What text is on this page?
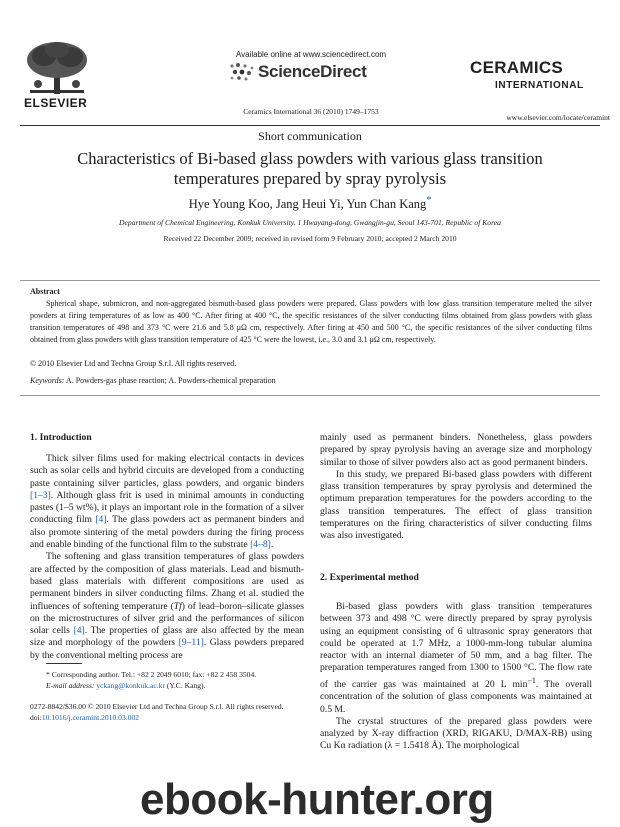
ELSEVIER
Available online at www.sciencedirect.com
ScienceDirect
Ceramics International 36 (2010) 1749–1753
CERAMICS
INTERNATIONAL
www.elsevier.com/locate/ceramint
Short communication
Characteristics of Bi-based glass powders with various glass transition temperatures prepared by spray pyrolysis
Hye Young Koo, Jang Heui Yi, Yun Chan Kang*
Department of Chemical Engineering, Konkuk University, 1 Hwayang-dong, Gwangjin-gu, Seoul 143-701, Republic of Korea
Received 22 December 2009; received in revised form 9 February 2010; accepted 2 March 2010
Abstract
Spherical shape, submicron, and non-aggregated bismuth-based glass powders were prepared. Glass powders with low glass transition temperature melted the silver powders at firing temperatures of as low as 400 °C. After firing at 400 °C, the specific resistances of the silver conducting films obtained from glass powders with glass transition temperatures of 498 and 373 °C were 21.6 and 5.8 μΩ cm, respectively. After firing at 450 and 500 °C, the specific resistances of the silver conducting films obtained from glass powders with glass transition temperature of 425 °C were the lowest, i.e., 3.0 and 3.1 μΩ cm, respectively.
© 2010 Elsevier Ltd and Techna Group S.r.l. All rights reserved.
Keywords: A. Powders-gas phase reaction; A. Powders-chemical preparation
1. Introduction

Thick silver films used for making electrical contacts in devices such as solar cells and hybrid circuits are developed from a conducting paste containing silver particles, glass powders, and organic binders [1–3]. Although glass frit is used in minimal amounts in conducting pastes (1–5 wt%), it plays an important role in the formation of a silver conducting film [4]. The glass powders act as permanent binders and also promote sintering of the metal powders during the firing process and enable binding of the functional film to the substrate [4–8].

The softening and glass transition temperatures of glass powders are affected by the composition of glass materials. Lead and bismuth-based glass materials with different compositions are used as permanent binders in silver conducting films. Zhang et al. studied the influences of softening temperature (Tf) of lead–boron–silicate glasses on the microstructures of silver grid and the performances of silicon solar cells [4]. The properties of glass are also affected by the mean size and morphology of the powders [9–11]. Glass powders prepared by the conventional melting process are

mainly used as permanent binders. Nonetheless, glass powders prepared by spray pyrolysis having an average size and morphology similar to those of silver powders also act as good permanent binders.

In this study, we prepared Bi-based glass powders with different glass transition temperatures by spray pyrolysis and determined the optimum preparation temperatures for the powders according to the glass transition temperatures. The effect of glass transition temperatures on the firing characteristics of silver conducting films was also investigated.

2. Experimental method

Bi-based glass powders with glass transition temperatures between 373 and 498 °C were directly prepared by spray pyrolysis using an equipment consisting of 6 ultrasonic spray generators that could be operated at 1.7 MHz, a 1000-mm-long tubular alumina reactor with an internal diameter of 50 mm, and a bag filter. The preparation temperatures ranged from 1300 to 1500 °C. The flow rate of the carrier gas was maintained at 20 L $\min^{-1}$. The overall concentration of the solution of glass components was maintained at 0.5 M.

The crystal structures of the prepared glass powders were analyzed by X-ray diffraction (XRD, RIGAKU, D/MAX-RB) using Cu Kα radiation (λ = 1.5418 Å). The morphological

* Corresponding author. Tel.: +82 2 2049 6010; fax: +82 2 458 3504.
E-mail address: yckang@konkuk.ac.kr (Y.C. Kang).
0272-8842/$36.00 © 2010 Elsevier Ltd and Techna Group S.r.l. All rights reserved.
doi:10.1016/j.ceramint.2010.03.002
ebook-hunter.org
